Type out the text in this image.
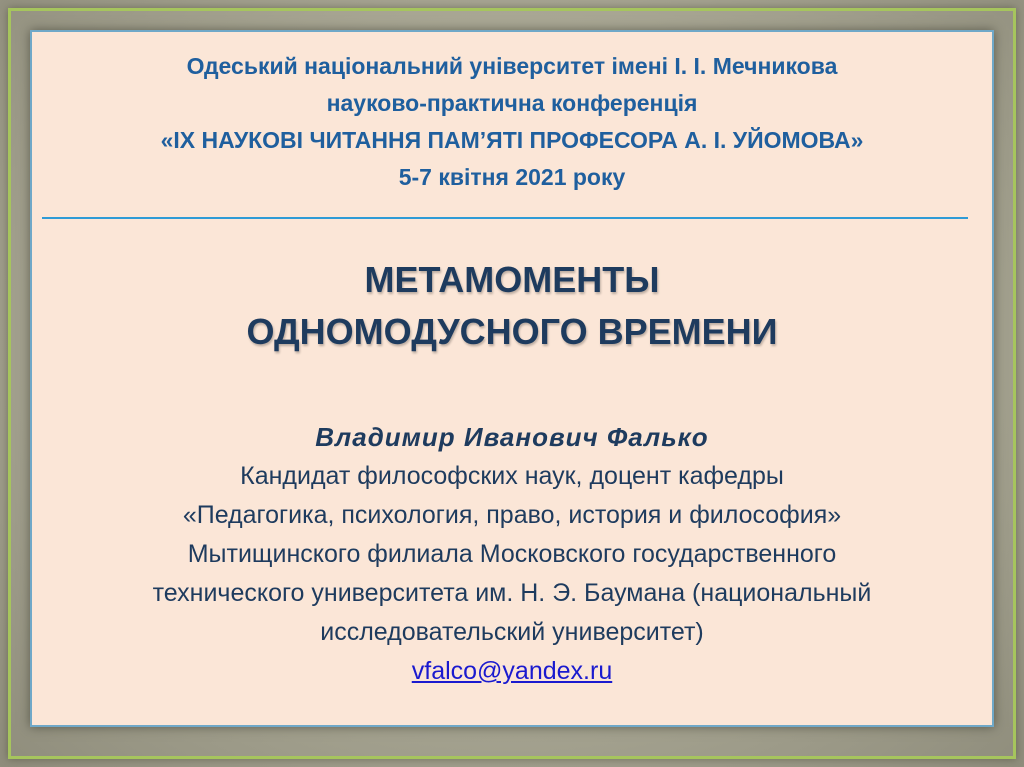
Одеський національний університет імені І. І. Мечникова
науково-практична конференція
«ІХ НАУКОВІ ЧИТАННЯ ПАМ’ЯТІ ПРОФЕСОРА А. І. УЙОМОВА»
5-7 квітня 2021 року
МЕТАМОМЕНТЫ
ОДНОМОДУСНОГО ВРЕМЕНИ
Владимир Иванович Фалько
Кандидат философских наук, доцент кафедры
«Педагогика, психология, право, история и философия»
Мытищинского филиала Московского государственного
технического университета им. Н. Э. Баумана (национальный
исследовательский университет)
vfalco@yandex.ru
